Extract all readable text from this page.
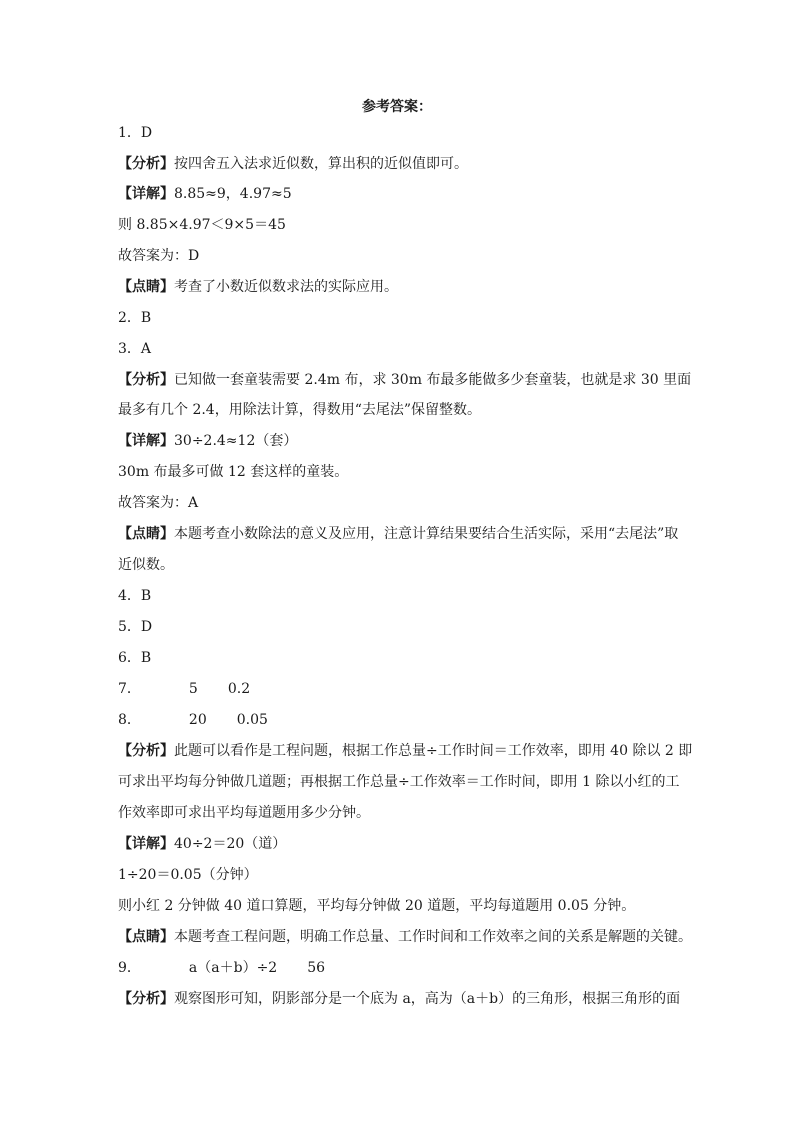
参考答案：
1．D
【分析】按四舍五入法求近似数，算出积的近似值即可。
【详解】8.85≈9，4.97≈5
则 8.85×4.97＜9×5＝45
故答案为：D
【点睛】考查了小数近似数求法的实际应用。
2．B
3．A
【分析】已知做一套童装需要 2.4m 布，求 30m 布最多能做多少套童装，也就是求 30 里面
最多有几个 2.4，用除法计算，得数用“去尾法”保留整数。
【详解】30÷2.4≈12（套）
30m 布最多可做 12 套这样的童装。
故答案为：A
【点睛】本题考查小数除法的意义及应用，注意计算结果要结合生活实际，采用“去尾法”取
近似数。
4．B
5．D
6．B
7．	5 0.2
8．	20 0.05
【分析】此题可以看作是工程问题，根据工作总量÷工作时间＝工作效率，即用 40 除以 2 即
可求出平均每分钟做几道题；再根据工作总量÷工作效率＝工作时间，即用 1 除以小红的工
作效率即可求出平均每道题用多少分钟。
【详解】40÷2＝20（道）
1÷20＝0.05（分钟）
则小红 2 分钟做 40 道口算题，平均每分钟做 20 道题，平均每道题用 0.05 分钟。
【点睛】本题考查工程问题，明确工作总量、工作时间和工作效率之间的关系是解题的关键。
9．	a（a＋b）÷2 56
【分析】观察图形可知，阴影部分是一个底为 a，高为（a＋b）的三角形，根据三角形的面
